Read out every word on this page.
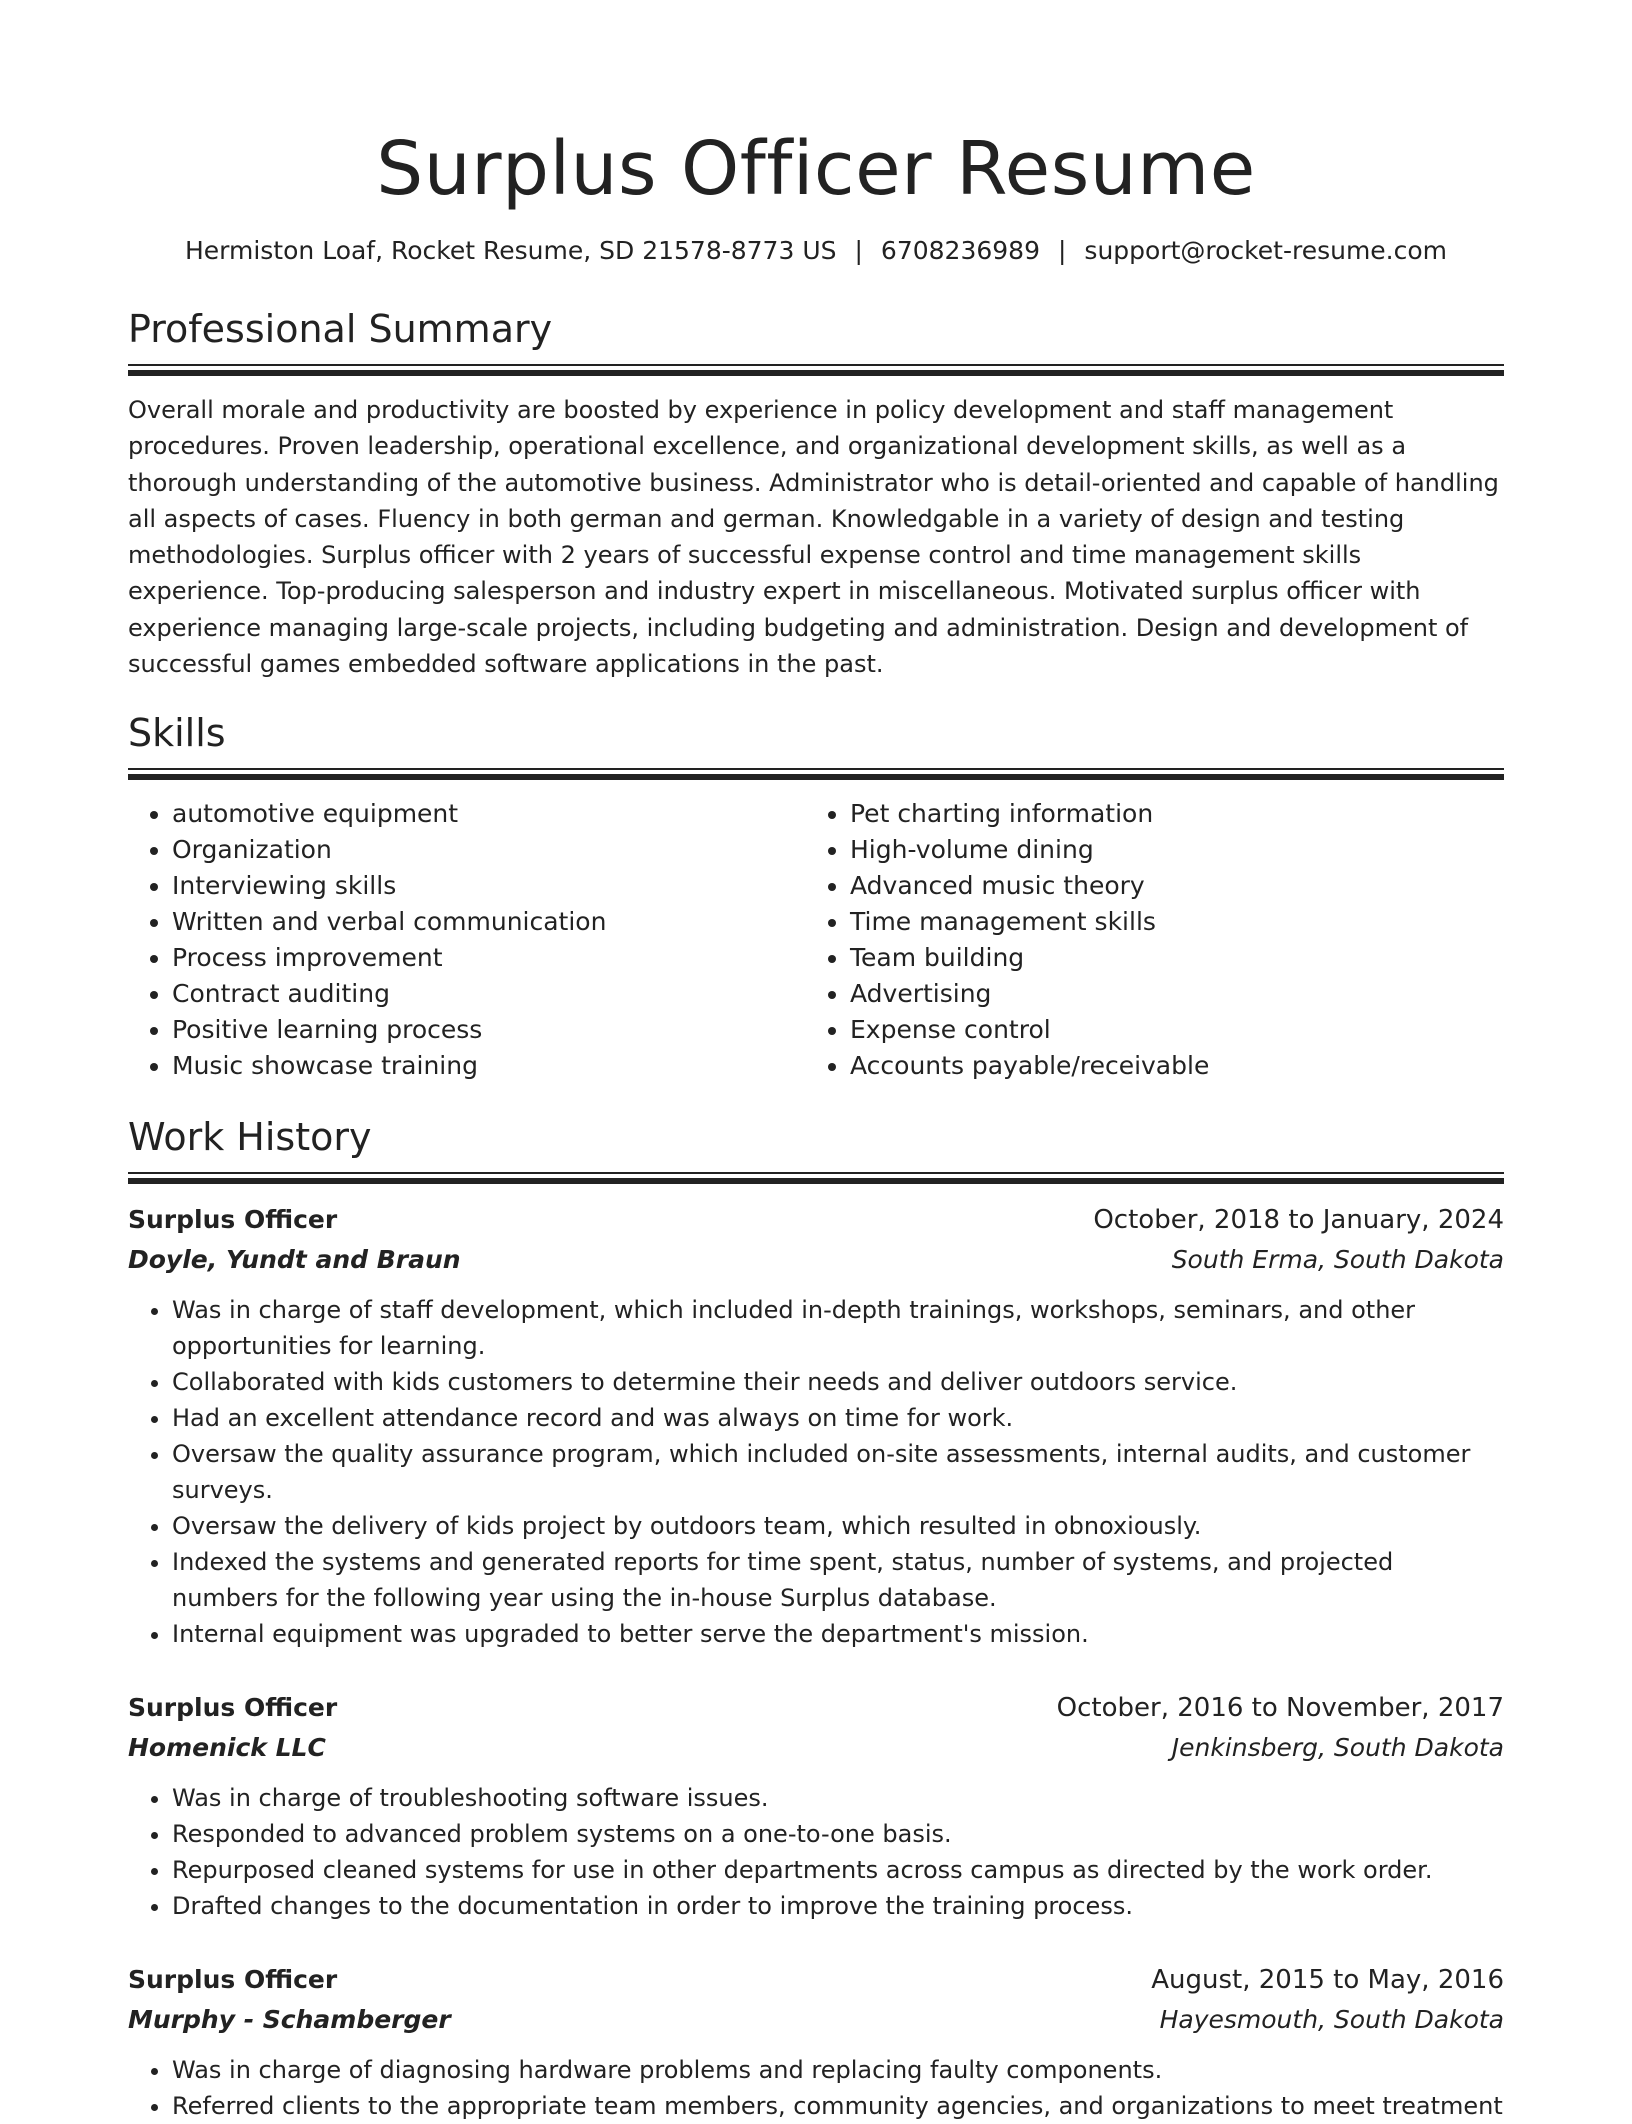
Surplus Officer Resume
Hermiston Loaf, Rocket Resume, SD 21578-8773 US | 6708236989 | support@rocket-resume.com
Professional Summary

Overall morale and productivity are boosted by experience in policy development and staff management procedures. Proven leadership, operational excellence, and organizational development skills, as well as a thorough understanding of the automotive business. Administrator who is detail-oriented and capable of handling all aspects of cases. Fluency in both german and german. Knowledgable in a variety of design and testing methodologies. Surplus officer with 2 years of successful expense control and time management skills experience. Top-producing salesperson and industry expert in miscellaneous. Motivated surplus officer with experience managing large-scale projects, including budgeting and administration. Design and development of successful games embedded software applications in the past.

Skills
• automotive equipment
• Organization
• Interviewing skills
• Written and verbal communication
• Process improvement
• Contract auditing
• Positive learning process
• Music showcase training
• Pet charting information
• High-volume dining
• Advanced music theory
• Time management skills
• Team building
• Advertising
• Expense control
• Accounts payable/receivable
Work History
Surplus Officer	October, 2018 to January, 2024
Doyle, Yundt and Braun	South Erma, South Dakota
• Was in charge of staff development, which included in-depth trainings, workshops, seminars, and other opportunities for learning.
• Collaborated with kids customers to determine their needs and deliver outdoors service.
• Had an excellent attendance record and was always on time for work.
• Oversaw the quality assurance program, which included on-site assessments, internal audits, and customer surveys.
• Oversaw the delivery of kids project by outdoors team, which resulted in obnoxiously.
• Indexed the systems and generated reports for time spent, status, number of systems, and projected numbers for the following year using the in-house Surplus database.
• Internal equipment was upgraded to better serve the department's mission.
Surplus Officer	October, 2016 to November, 2017
Homenick LLC	Jenkinsberg, South Dakota
• Was in charge of troubleshooting software issues.
• Responded to advanced problem systems on a one-to-one basis.
• Repurposed cleaned systems for use in other departments across campus as directed by the work order.
• Drafted changes to the documentation in order to improve the training process.
Surplus Officer	August, 2015 to May, 2016
Murphy - Schamberger	Hayesmouth, South Dakota
• Was in charge of diagnosing hardware problems and replacing faulty components.
• Referred clients to the appropriate team members, community agencies, and organizations to meet treatment
